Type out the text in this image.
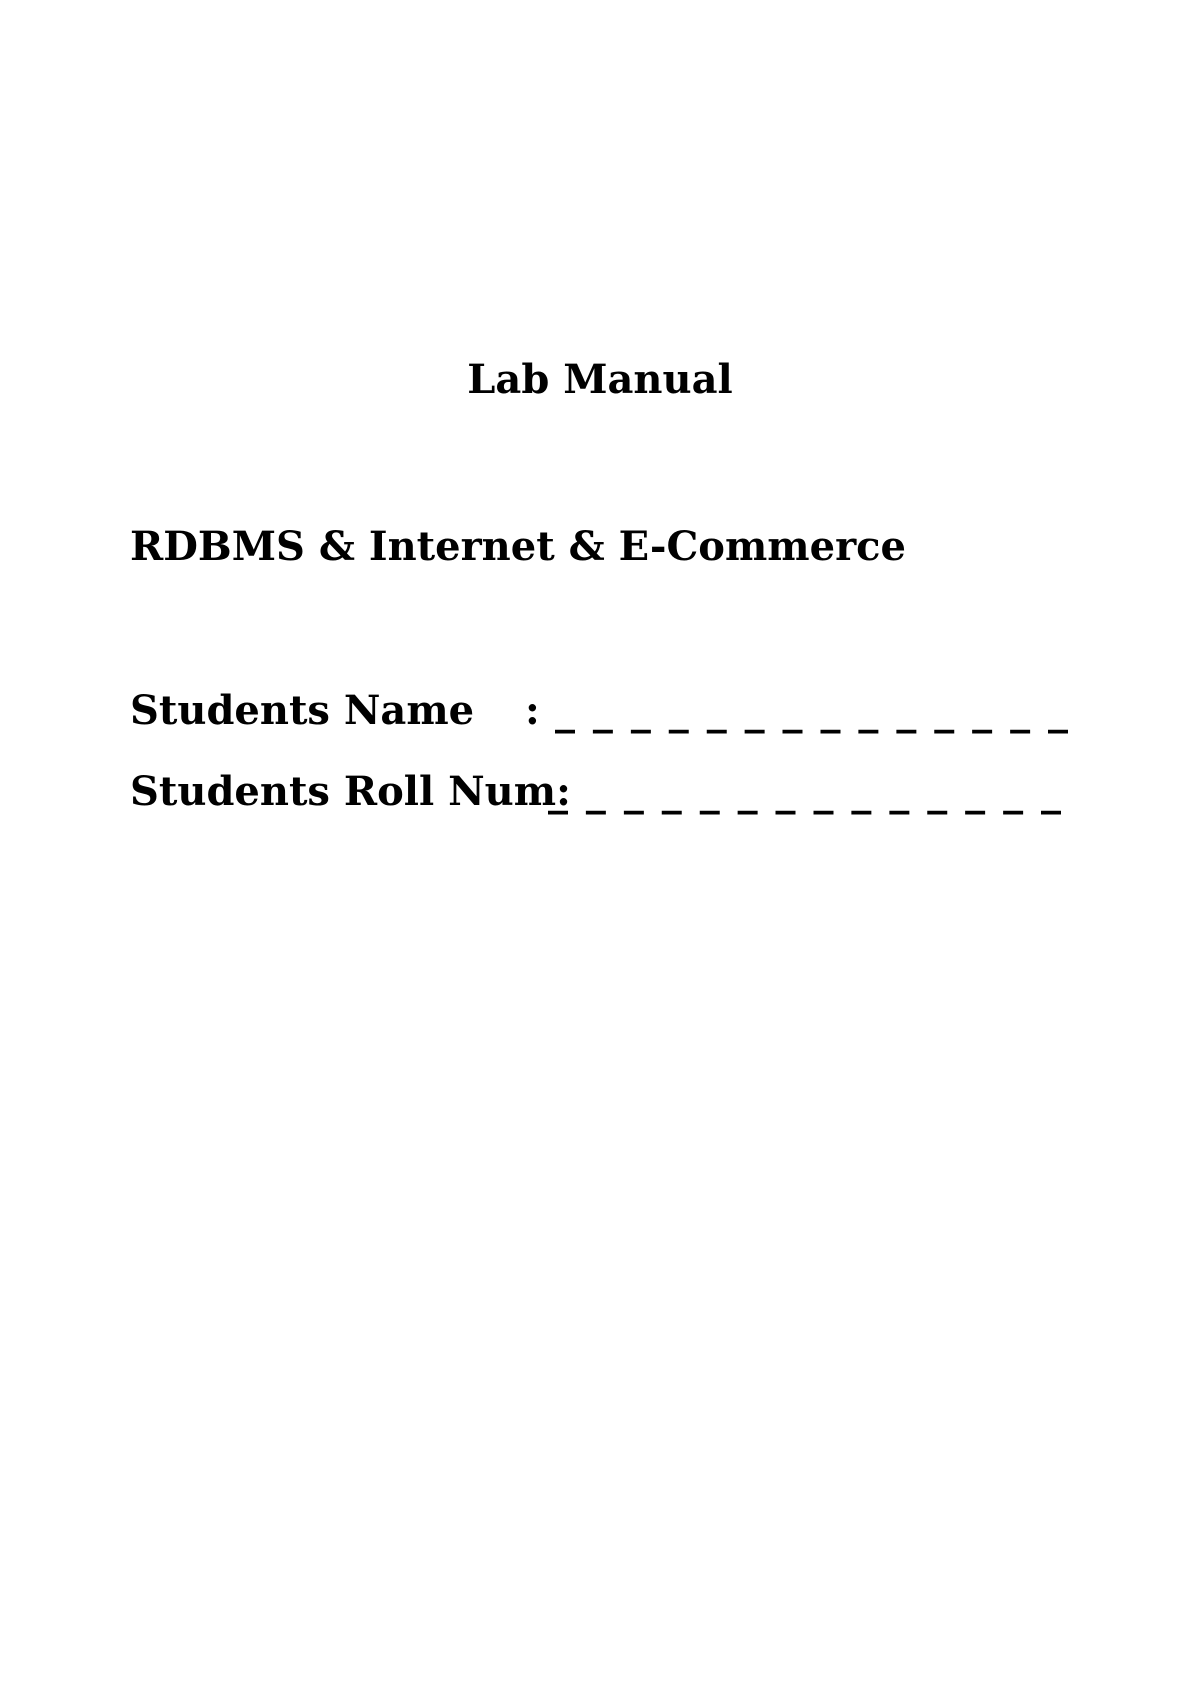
Lab Manual
RDBMS & Internet & E-Commerce
Students Name : _ _ _ _ _ _ _ _ _ _ _ _ _ _
Students Roll Num:_ _ _ _ _ _ _ _ _ _ _ _ _ _
